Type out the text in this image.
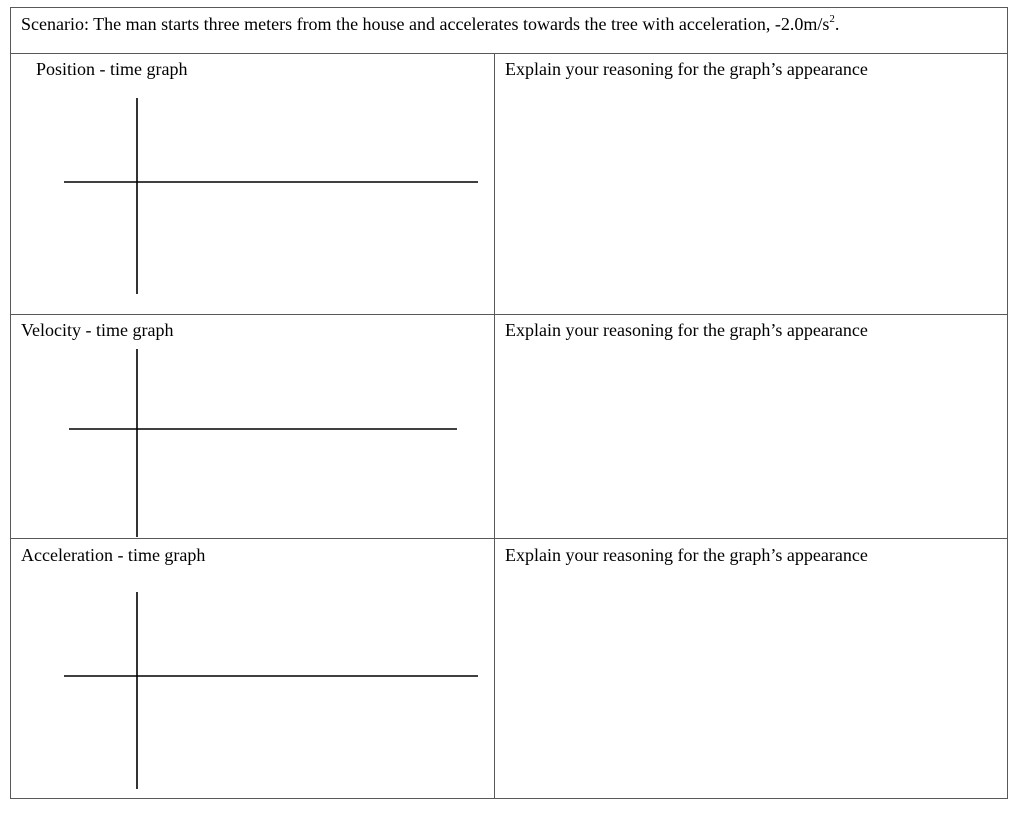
Scenario: The man starts three meters from the house and accelerates towards the tree with acceleration, $-2.0m/s^2$.
Position - time graph	Explain your reasoning for the graph’s appearance
Velocity - time graph	Explain your reasoning for the graph’s appearance
Acceleration - time graph	Explain your reasoning for the graph’s appearance
